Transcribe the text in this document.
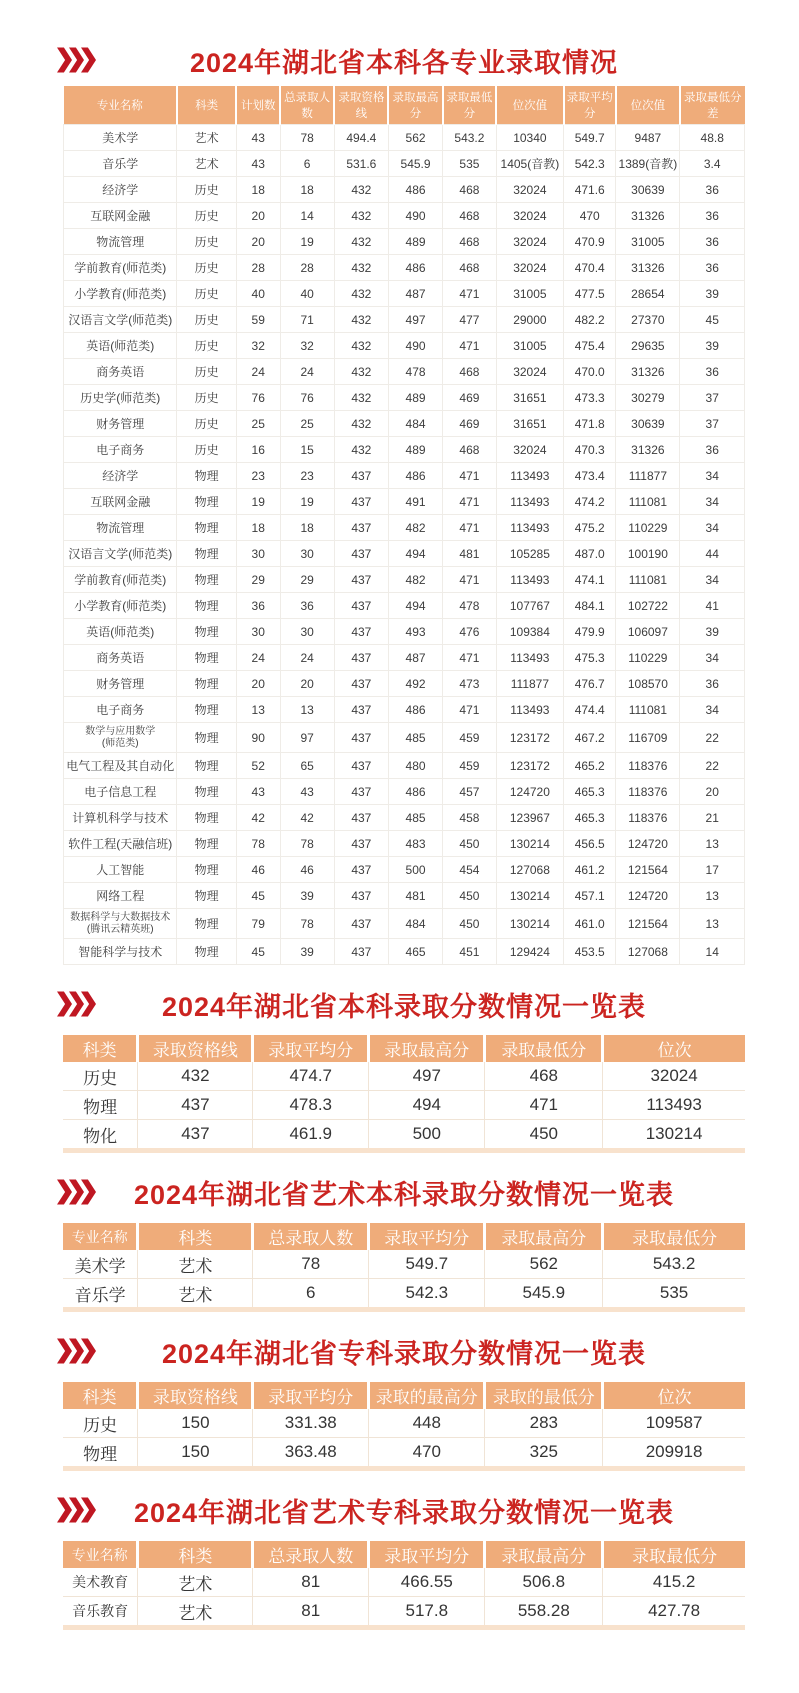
2024年湖北省本科各专业录取情况
专业名称	科类	计划数	总录取人数	录取资格线	录取最高分	录取最低分	位次值	录取平均分	位次值	录取最低分差
美术学	艺术	43	78	494.4	562	543.2	10340	549.7	9487	48.8
音乐学	艺术	43	6	531.6	545.9	535	1405(音教)	542.3	1389(音教)	3.4
经济学	历史	18	18	432	486	468	32024	471.6	30639	36
互联网金融	历史	20	14	432	490	468	32024	470	31326	36
物流管理	历史	20	19	432	489	468	32024	470.9	31005	36
学前教育(师范类)	历史	28	28	432	486	468	32024	470.4	31326	36
小学教育(师范类)	历史	40	40	432	487	471	31005	477.5	28654	39
汉语言文学(师范类)	历史	59	71	432	497	477	29000	482.2	27370	45
英语(师范类)	历史	32	32	432	490	471	31005	475.4	29635	39
商务英语	历史	24	24	432	478	468	32024	470.0	31326	36
历史学(师范类)	历史	76	76	432	489	469	31651	473.3	30279	37
财务管理	历史	25	25	432	484	469	31651	471.8	30639	37
电子商务	历史	16	15	432	489	468	32024	470.3	31326	36
经济学	物理	23	23	437	486	471	113493	473.4	111877	34
互联网金融	物理	19	19	437	491	471	113493	474.2	111081	34
物流管理	物理	18	18	437	482	471	113493	475.2	110229	34
汉语言文学(师范类)	物理	30	30	437	494	481	105285	487.0	100190	44
学前教育(师范类)	物理	29	29	437	482	471	113493	474.1	111081	34
小学教育(师范类)	物理	36	36	437	494	478	107767	484.1	102722	41
英语(师范类)	物理	30	30	437	493	476	109384	479.9	106097	39
商务英语	物理	24	24	437	487	471	113493	475.3	110229	34
财务管理	物理	20	20	437	492	473	111877	476.7	108570	36
电子商务	物理	13	13	437	486	471	113493	474.4	111081	34
数学与应用数学
(师范类)	物理	90	97	437	485	459	123172	467.2	116709	22
电气工程及其自动化	物理	52	65	437	480	459	123172	465.2	118376	22
电子信息工程	物理	43	43	437	486	457	124720	465.3	118376	20
计算机科学与技术	物理	42	42	437	485	458	123967	465.3	118376	21
软件工程(天融信班)	物理	78	78	437	483	450	130214	456.5	124720	13
人工智能	物理	46	46	437	500	454	127068	461.2	121564	17
网络工程	物理	45	39	437	481	450	130214	457.1	124720	13
数据科学与大数据技术
(腾讯云精英班)	物理	79	78	437	484	450	130214	461.0	121564	13
智能科学与技术	物理	45	39	437	465	451	129424	453.5	127068	14
2024年湖北省本科录取分数情况一览表
科类	录取资格线	录取平均分	录取最高分	录取最低分	位次
历史	432	474.7	497	468	32024
物理	437	478.3	494	471	113493
物化	437	461.9	500	450	130214
2024年湖北省艺术本科录取分数情况一览表
专业名称	科类	总录取人数	录取平均分	录取最高分	录取最低分
美术学	艺术	78	549.7	562	543.2
音乐学	艺术	6	542.3	545.9	535
2024年湖北省专科录取分数情况一览表
科类	录取资格线	录取平均分	录取的最高分	录取的最低分	位次
历史	150	331.38	448	283	109587
物理	150	363.48	470	325	209918
2024年湖北省艺术专科录取分数情况一览表
专业名称	科类	总录取人数	录取平均分	录取最高分	录取最低分
美术教育	艺术	81	466.55	506.8	415.2
音乐教育	艺术	81	517.8	558.28	427.78
